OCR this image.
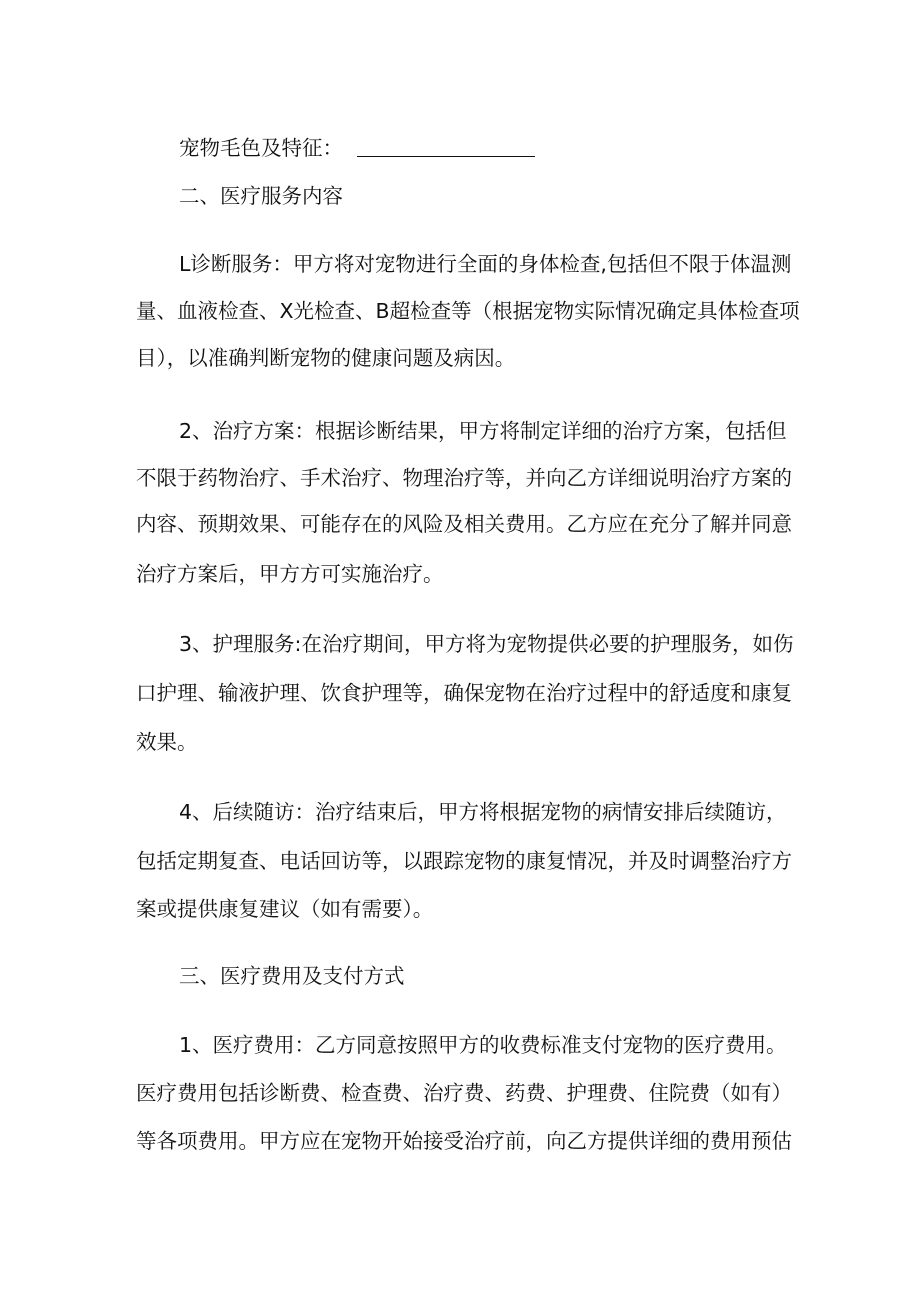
宠物毛色及特征：

二、医疗服务内容

L诊断服务：甲方将对宠物进行全面的身体检查,包括但不限于体温测

量、血液检查、X光检查、B超检查等（根据宠物实际情况确定具体检查项

目），以准确判断宠物的健康问题及病因。

2、治疗方案：根据诊断结果，甲方将制定详细的治疗方案，包括但

不限于药物治疗、手术治疗、物理治疗等，并向乙方详细说明治疗方案的

内容、预期效果、可能存在的风险及相关费用。乙方应在充分了解并同意

治疗方案后，甲方方可实施治疗。

3、护理服务:在治疗期间，甲方将为宠物提供必要的护理服务，如伤

口护理、输液护理、饮食护理等，确保宠物在治疗过程中的舒适度和康复

效果。

4、后续随访：治疗结束后，甲方将根据宠物的病情安排后续随访，

包括定期复查、电话回访等，以跟踪宠物的康复情况，并及时调整治疗方

案或提供康复建议（如有需要）。

三、医疗费用及支付方式

1、医疗费用：乙方同意按照甲方的收费标准支付宠物的医疗费用。

医疗费用包括诊断费、检查费、治疗费、药费、护理费、住院费（如有）

等各项费用。甲方应在宠物开始接受治疗前，向乙方提供详细的费用预估
